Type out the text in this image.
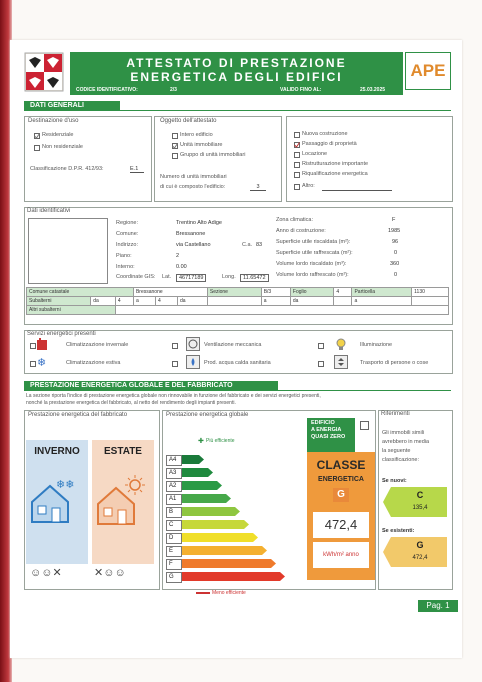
ATTESTATO DI PRESTAZIONE
ENERGETICA DEGLI EDIFICI
CODICE IDENTIFICATIVO:	2/3	VALIDO FINO AL:	25.03.2025
APE
DATI GENERALI
Destinazione d'uso
Residenziale
Non residenziale
Classificazione D.P.R. 412/93:	E.1
Oggetto dell'attestato
Intero edificio
Unità immobiliare
Gruppo di unità immobiliari
Numero di unità immobiliari
di cui è composto l'edificio:	3
Nuova costruzione
Passaggio di proprietà
Locazione
Ristrutturazione importante
Riqualificazione energetica
Altro:
Dati identificativi
Regione:	Trentino Alto Adige
Comune:	Bressanone
Indirizzo:	via Castellano	C.a. 83
Piano:	2
Interno:	0.00
Coordinate GIS: Lat.	46717189	Long.	11.65472
Zona climatica:	F
Anno di costruzione:	1985
Superficie utile riscaldata (m²):	96
Superficie utile raffrescata (m²):	0
Volume lordo riscaldato (m³):	360
Volume lordo raffrescato (m³):	0
Comune catastale			Bressanone			Sezione	B/3	Foglio	4	Particella	1130
Subalterni	da	4	a	4	da		a	da		a	
Altri subalterni											
Servizi energetici presenti
Climatizzazione invernale
❄	Climatizzazione estiva
Ventilazione meccanica
Prod. acqua calda sanitaria
Illuminazione
Trasporto di persone o cose
PRESTAZIONE ENERGETICA GLOBALE E DEL FABBRICATO
La sezione riporta l'indice di prestazione energetica globale non rinnovabile in funzione del fabbricato e dei servizi energetici presenti,
nonché la prestazione energetica del fabbricato, al netto del rendimento degli impianti presenti.
Prestazione energetica del fabbricato
INVERNO	ESTATE
❄❄
☺☺✕	✕☺☺
Prestazione energetica globale
Più efficiente
✚
A4
A3
A2
A1
B
C
D
E
F
G
Meno efficiente
EDIFICIO
A ENERGIA
QUASI ZERO
CLASSE
ENERGETICA
G
472,4
kWh/m² anno
Riferimenti
Gli immobili simili
avrebbero in media
la seguente
classificazione:
Se nuovi:
C
135,4
Se esistenti:
G
472,4
Pag. 1
